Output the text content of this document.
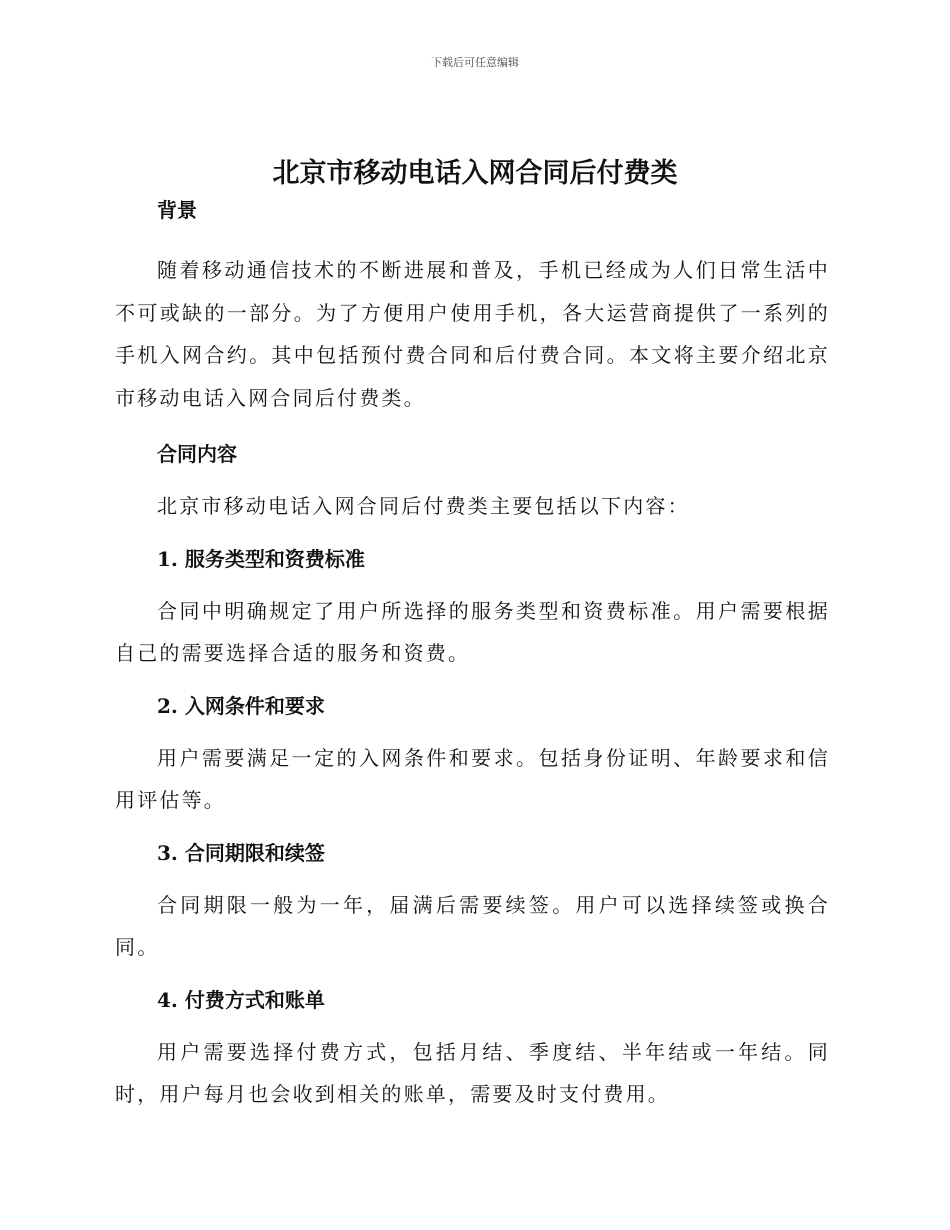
下载后可任意编辑
北京市移动电话入网合同后付费类

背景

随着移动通信技术的不断进展和普及，手机已经成为人们日常生活中不可或缺的一部分。为了方便用户使用手机，各大运营商提供了一系列的手机入网合约。其中包括预付费合同和后付费合同。本文将主要介绍北京市移动电话入网合同后付费类。

合同内容

北京市移动电话入网合同后付费类主要包括以下内容：

1. 服务类型和资费标准

合同中明确规定了用户所选择的服务类型和资费标准。用户需要根据自己的需要选择合适的服务和资费。

2. 入网条件和要求

用户需要满足一定的入网条件和要求。包括身份证明、年龄要求和信用评估等。

3. 合同期限和续签

合同期限一般为一年，届满后需要续签。用户可以选择续签或换合同。

4. 付费方式和账单

用户需要选择付费方式，包括月结、季度结、半年结或一年结。同时，用户每月也会收到相关的账单，需要及时支付费用。
